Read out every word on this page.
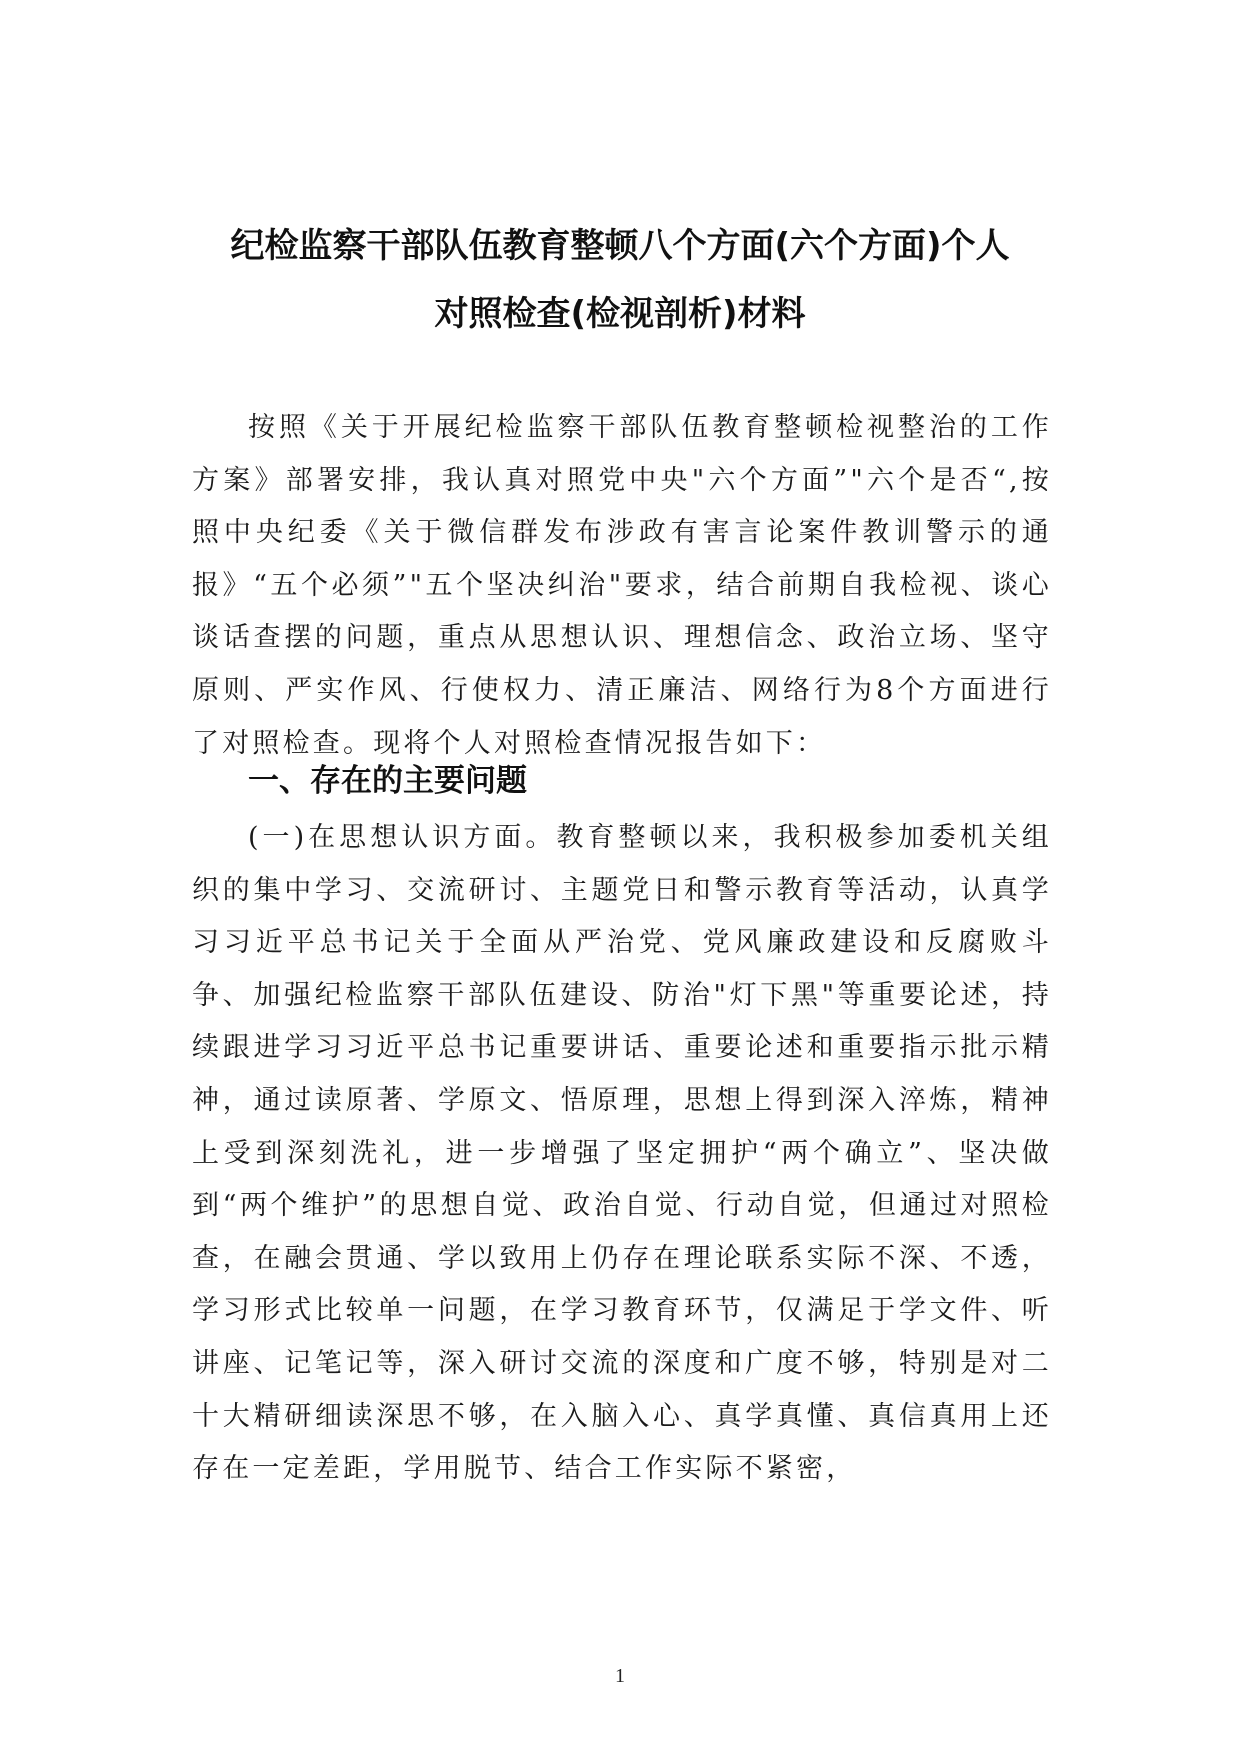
纪检监察干部队伍教育整顿八个方面(六个方面)个人
对照检查(检视剖析)材料

按照《关于开展纪检监察干部队伍教育整顿检视整治的工作方案》部署安排，我认真对照党中央"六个方面”"六个是否“,按照中央纪委《关于微信群发布涉政有害言论案件教训警示的通报》“五个必须”"五个坚决纠治"要求，结合前期自我检视、谈心谈话查摆的问题，重点从思想认识、理想信念、政治立场、坚守原则、严实作风、行使权力、清正廉洁、网络行为8个方面进行了对照检查。现将个人对照检查情况报告如下：

一、存在的主要问题

(一)在思想认识方面。教育整顿以来，我积极参加委机关组织的集中学习、交流研讨、主题党日和警示教育等活动，认真学习习近平总书记关于全面从严治党、党风廉政建设和反腐败斗争、加强纪检监察干部队伍建设、防治"灯下黑"等重要论述，持续跟进学习习近平总书记重要讲话、重要论述和重要指示批示精神，通过读原著、学原文、悟原理，思想上得到深入淬炼，精神上受到深刻洗礼，进一步增强了坚定拥护“两个确立”、坚决做到“两个维护”的思想自觉、政治自觉、行动自觉，但通过对照检查，在融会贯通、学以致用上仍存在理论联系实际不深、不透，学习形式比较单一问题，在学习教育环节，仅满足于学文件、听讲座、记笔记等，深入研讨交流的深度和广度不够，特别是对二十大精研细读深思不够，在入脑入心、真学真懂、真信真用上还存在一定差距，学用脱节、结合工作实际不紧密，

1
